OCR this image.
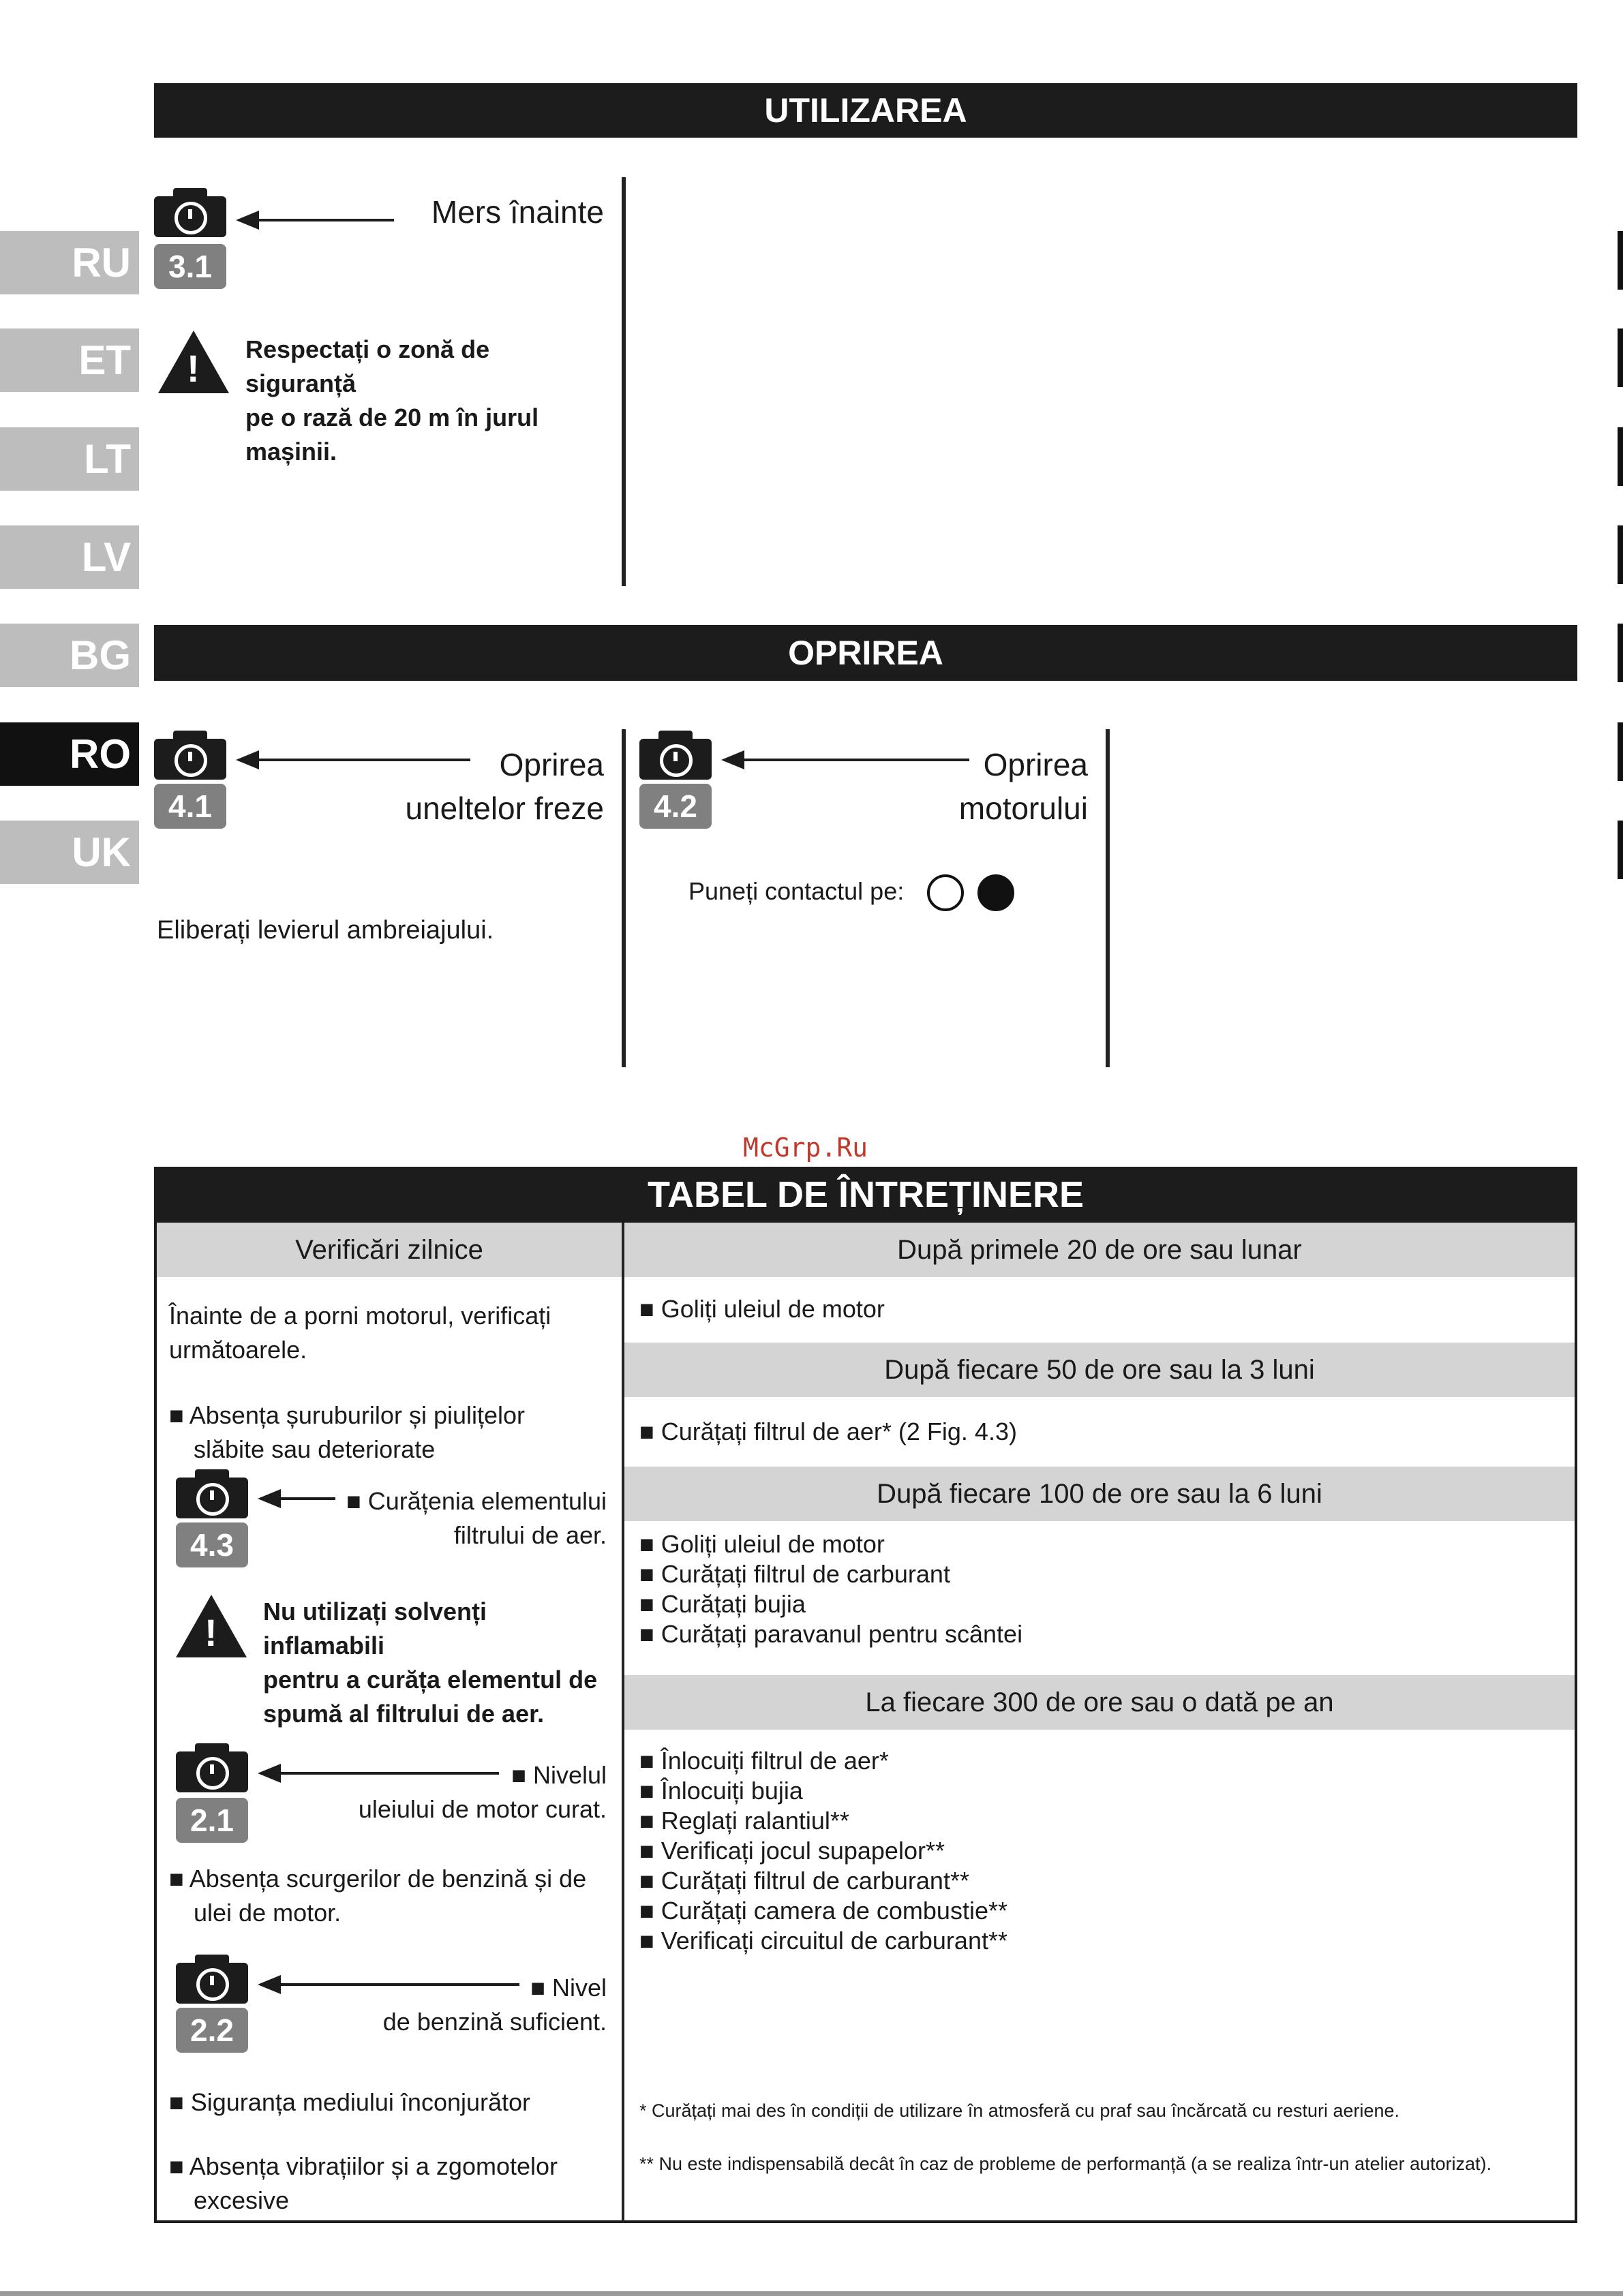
RU
ET
LT
LV
BG
RO
UK
UTILIZAREA
3.1
Mers înainte
! Respectați o zonă de siguranță
pe o rază de 20 m în jurul
mașinii.
OPRIREA
4.1
Oprirea
uneltelor freze
Eliberați levierul ambreiajului.
4.2
Oprirea
motorului
Puneți contactul pe:
McGrp.Ru
TABEL DE ÎNTREȚINERE
Verificări zilnice
Înainte de a porni motorul, verificați
următoarele.
■ Absența șuruburilor și piulițelor
slăbite sau deteriorate
4.3
■ Curățenia elementului
filtrului de aer.
! Nu utilizați solvenți inflamabili
pentru a curăța elementul de
spumă al filtrului de aer.
2.1
■ Nivelul
uleiului de motor curat.
■ Absența scurgerilor de benzină și de
ulei de motor.
2.2
■ Nivel
de benzină suficient.
■ Siguranța mediului înconjurător
■ Absența vibrațiilor și a zgomotelor
excesive
După primele 20 de ore sau lunar
■ Goliți uleiul de motor
După fiecare 50 de ore sau la 3 luni
■ Curățați filtrul de aer* (2 Fig. 4.3)
După fiecare 100 de ore sau la 6 luni
■ Goliți uleiul de motor
■ Curățați filtrul de carburant
■ Curățați bujia
■ Curățați paravanul pentru scântei
La fiecare 300 de ore sau o dată pe an
■ Înlocuiți filtrul de aer*
■ Înlocuiți bujia
■ Reglați ralantiul**
■ Verificați jocul supapelor**
■ Curățați filtrul de carburant**
■ Curățați camera de combustie**
■ Verificați circuitul de carburant**
* Curățați mai des în condiții de utilizare în atmosferă cu praf sau încărcată cu resturi aeriene.
** Nu este indispensabilă decât în caz de probleme de performanță (a se realiza într-un atelier autorizat).
